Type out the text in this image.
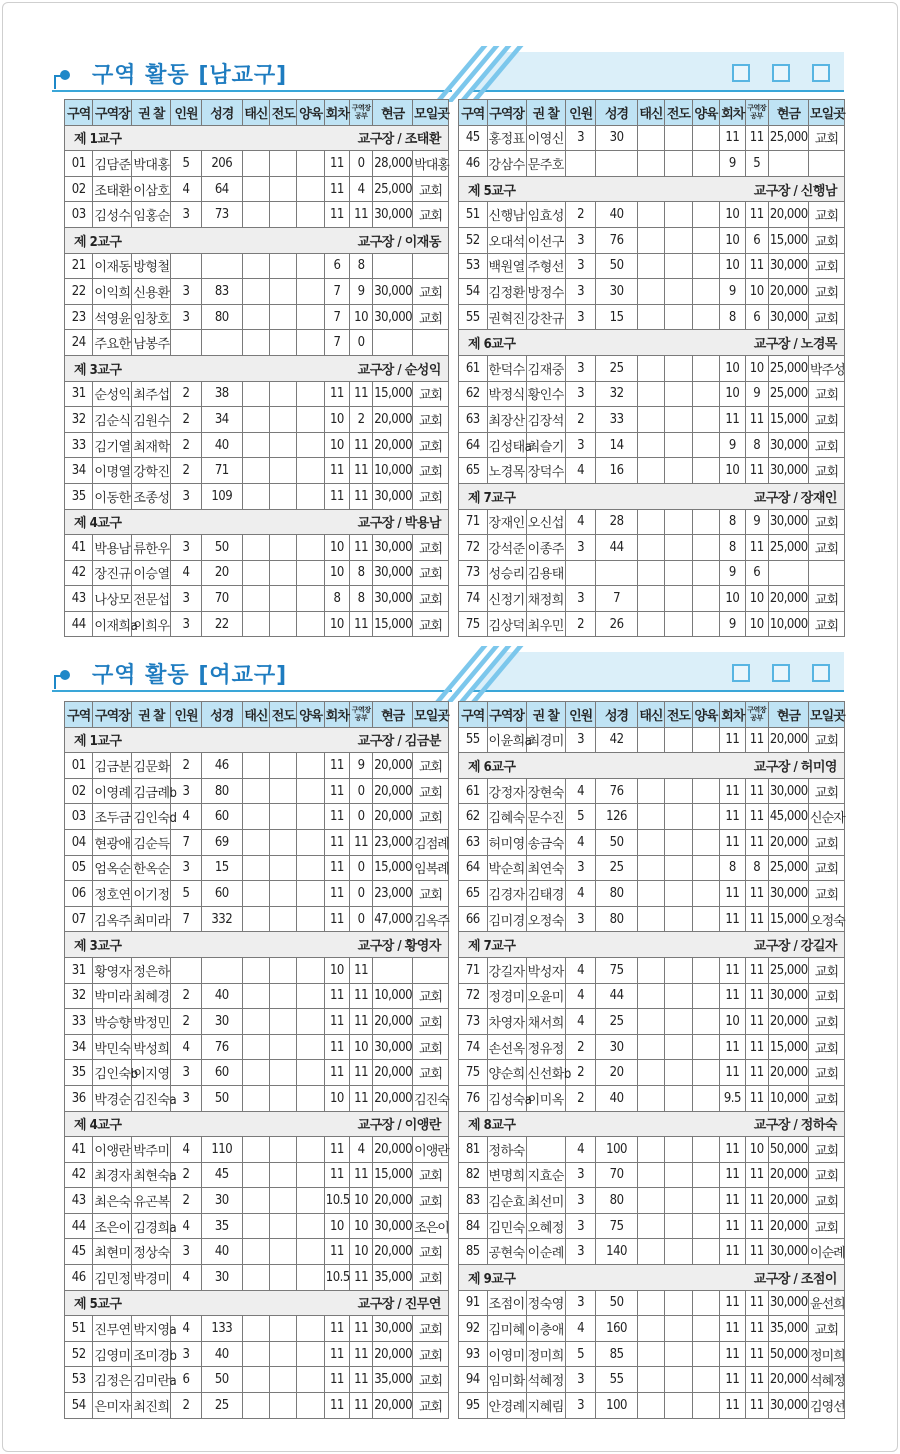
구역 활동 [남교구]
구역	구역장	권 찰	인원	성경	태신	전도	양육	회차	구역장 공부	현금	모일곳

제 1교구 교구장 / 조태환											

01	김담준	박대홍	5	206				11	0	28,000	박대홍
02	조태환	이삼호	4	64				11	4	25,000	교회
03	김성수	임홍순	3	73				11	11	30,000	교회

제 2교구 교구장 / 이재동											

21	이재동	방형철						6	8		
22	이익희	신용환	3	83				7	9	30,000	교회
23	석영윤	임창호	3	80				7	10	30,000	교회
24	주요한	남봉주						7	0		

제 3교구 교구장 / 순성익											

31	순성익	최주섭	2	38				11	11	15,000	교회
32	김순식	김원수	2	34				10	2	20,000	교회
33	김기열	최재학	2	40				10	11	20,000	교회
34	이명열	강학진	2	71				11	11	10,000	교회
35	이동한	조종성	3	109				11	11	30,000	교회

제 4교구 교구장 / 박용남											

41	박용남	류한우	3	50				10	11	30,000	교회
42	장진규	이승열	4	20				10	8	30,000	교회
43	나상모	전문섭	3	70				8	8	30,000	교회
44	이재희a	이희우	3	22				10	11	15,000	교회
구역	구역장	권 찰	인원	성경	태신	전도	양육	회차	구역장 공부	현금	모일곳
45	홍정표	이영신	3	30				11	11	25,000	교회
46	강삼수	문주호						9	5		

제 5교구 교구장 / 신행남											

51	신행남	임효성	2	40				10	11	20,000	교회
52	오대석	이선구	3	76				10	6	15,000	교회
53	백원열	주형선	3	50				10	11	30,000	교회
54	김정환	방정수	3	30				9	10	20,000	교회
55	권혁진	강찬규	3	15				8	6	30,000	교회

제 6교구 교구장 / 노경목											

61	한덕수	김재중	3	25				10	10	25,000	박주성
62	박정식	황인수	3	32				10	9	25,000	교회
63	최장산	김장석	2	33				11	11	15,000	교회
64	김성태a	최슬기	3	14				9	8	30,000	교회
65	노경목	장덕수	4	16				10	11	30,000	교회

제 7교구 교구장 / 장재인											

71	장재인	오신섭	4	28				8	9	30,000	교회
72	강석준	이종주	3	44				8	11	25,000	교회
73	성승리	김용태						9	6		
74	신정기	채정희	3	7				10	10	20,000	교회
75	김상덕	최우민	2	26				9	10	10,000	교회
구역 활동 [여교구]
구역	구역장	권 찰	인원	성경	태신	전도	양육	회차	구역장 공부	현금	모일곳

제 1교구 교구장 / 김금분											

01	김금분	김문화	2	46				11	9	20,000	교회
02	이영례	김금례b	3	80				11	0	20,000	교회
03	조두금	김인숙d	4	60				11	0	20,000	교회
04	현광애	김순득	7	69				11	11	23,000	김점례
05	엄옥순	한옥순	3	15				11	0	15,000	임복례
06	정호연	이기정	5	60				11	0	23,000	교회
07	김옥주	최미라	7	332				11	0	47,000	김옥주

제 3교구 교구장 / 황영자											

31	황영자	정은하						10	11		
32	박미라	최혜경	2	40				11	11	10,000	교회
33	박승향	박정민	2	30				11	11	20,000	교회
34	박민숙	박성희	4	76				11	10	30,000	교회
35	김인숙b	이지영	3	60				11	11	20,000	교회
36	박경순	김진숙a	3	50				10	11	20,000	김진숙

제 4교구 교구장 / 이앵란											

41	이앵란	박주미	4	110				11	4	20,000	이앵란
42	최경자	최현숙a	2	45				11	11	15,000	교회
43	최은숙	유곤복	2	30				10.5	10	20,000	교회
44	조은이	김경희a	4	35				10	10	30,000	조은이
45	최현미	정상숙	3	40				11	10	20,000	교회
46	김민정	박경미	4	30				10.5	11	35,000	교회

제 5교구 교구장 / 진무연											

51	진무연	박지영a	4	133				11	11	30,000	교회
52	김영미	조미경b	3	40				11	11	20,000	교회
53	김정은	김미란a	6	50				11	11	35,000	교회
54	은미자	최진희	2	25				11	11	20,000	교회
구역	구역장	권 찰	인원	성경	태신	전도	양육	회차	구역장 공부	현금	모일곳
55	이윤희a	최경미	3	42				11	11	20,000	교회

제 6교구 교구장 / 허미영											

61	강정자	장현숙	4	76				11	11	30,000	교회
62	김혜숙	문수진	5	126				11	11	45,000	신순자
63	허미영	송금숙	4	50				11	11	20,000	교회
64	박순희	최연숙	3	25				8	8	25,000	교회
65	김경자	김태경	4	80				11	11	30,000	교회
66	김미경	오정숙	3	80				11	11	15,000	오정숙

제 7교구 교구장 / 강길자											

71	강길자	박성자	4	75				11	11	25,000	교회
72	정경미	오윤미	4	44				11	11	30,000	교회
73	차영자	채서희	4	25				10	11	20,000	교회
74	손선옥	정유정	2	30				11	11	15,000	교회
75	양순희	신선화b	2	20				11	11	20,000	교회
76	김성숙a	이미옥	2	40				9.5	11	10,000	교회

제 8교구 교구장 / 정하숙											

81	정하숙		4	100				11	10	50,000	교회
82	변명희	지효순	3	70				11	11	20,000	교회
83	김순효	최선미	3	80				11	11	20,000	교회
84	김민숙	오혜정	3	75				11	11	20,000	교회
85	공현숙	이순례	3	140				11	11	30,000	이순례

제 9교구 교구장 / 조점이											

91	조점이	정숙영	3	50				11	11	30,000	윤선희
92	김미혜	이충애	4	160				11	11	35,000	교회
93	이영미	정미희	5	85				11	11	50,000	정미희
94	임미화	석혜정	3	55				11	11	20,000	석혜정
95	안경례	지혜림	3	100				11	11	30,000	김영선
